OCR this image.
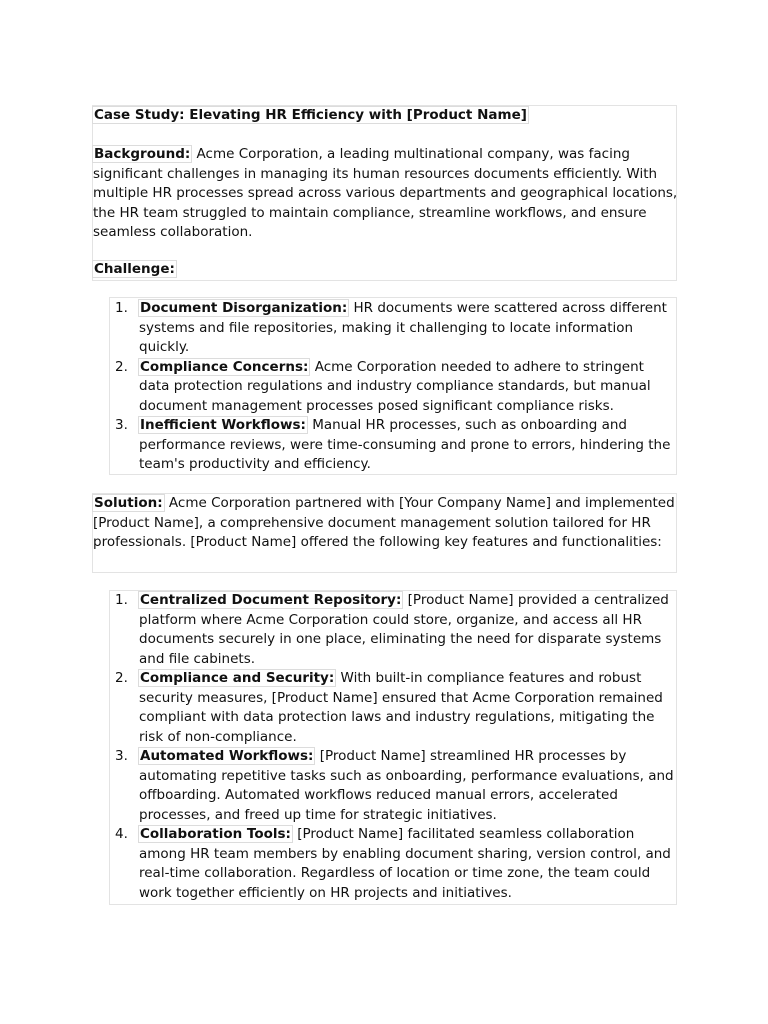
Case Study: Elevating HR Efficiency with [Product Name]

Background: Acme Corporation, a leading multinational company, was facing significant challenges in managing its human resources documents efficiently. With multiple HR processes spread across various departments and geographical locations, the HR team struggled to maintain compliance, streamline workflows, and ensure seamless collaboration.

Challenge:

1. Document Disorganization: HR documents were scattered across different systems and file repositories, making it challenging to locate information quickly.
2. Compliance Concerns: Acme Corporation needed to adhere to stringent data protection regulations and industry compliance standards, but manual document management processes posed significant compliance risks.
3. Inefficient Workflows: Manual HR processes, such as onboarding and performance reviews, were time-consuming and prone to errors, hindering the team's productivity and efficiency.

Solution: Acme Corporation partnered with [Your Company Name] and implemented [Product Name], a comprehensive document management solution tailored for HR professionals. [Product Name] offered the following key features and functionalities:

1. Centralized Document Repository: [Product Name] provided a centralized platform where Acme Corporation could store, organize, and access all HR documents securely in one place, eliminating the need for disparate systems and file cabinets.
2. Compliance and Security: With built-in compliance features and robust security measures, [Product Name] ensured that Acme Corporation remained compliant with data protection laws and industry regulations, mitigating the risk of non-compliance.
3. Automated Workflows: [Product Name] streamlined HR processes by automating repetitive tasks such as onboarding, performance evaluations, and offboarding. Automated workflows reduced manual errors, accelerated processes, and freed up time for strategic initiatives.
4. Collaboration Tools: [Product Name] facilitated seamless collaboration among HR team members by enabling document sharing, version control, and real-time collaboration. Regardless of location or time zone, the team could work together efficiently on HR projects and initiatives.
